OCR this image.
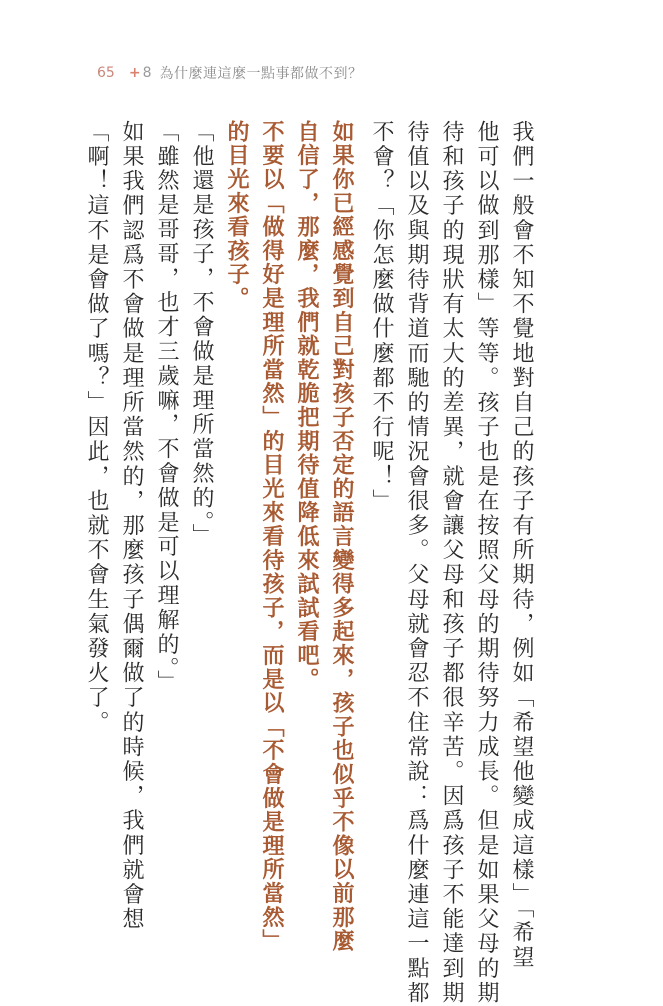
65 + 8 為什麼連這麼一點事都做不到？
我們一般會不知不覺地對自己的孩子有所期待，例如「希望他變成這樣」「希望
他可以做到那樣」等等。孩子也是在按照父母的期待努力成長。但是如果父母的期
待和孩子的現狀有太大的差異，就會讓父母和孩子都很辛苦。因爲孩子不能達到期
待值以及與期待背道而馳的情況會很多。父母就會忍不住常說：爲什麼連這一點都
不會？「你怎麼做什麼都不行呢！」
如果你已經感覺到自己對孩子否定的語言變得多起來，孩子也似乎不像以前那麼
自信了，那麼，我們就乾脆把期待值降低來試試看吧。
不要以「做得好是理所當然」的目光來看待孩子，而是以「不會做是理所當然」
的目光來看孩子。
「他還是孩子，不會做是理所當然的。」
「雖然是哥哥，也才三歲嘛，不會做是可以理解的。」
如果我們認爲不會做是理所當然的，那麼孩子偶爾做了的時候，我們就會想
「啊！這不是會做了嗎？」因此，也就不會生氣發火了。
